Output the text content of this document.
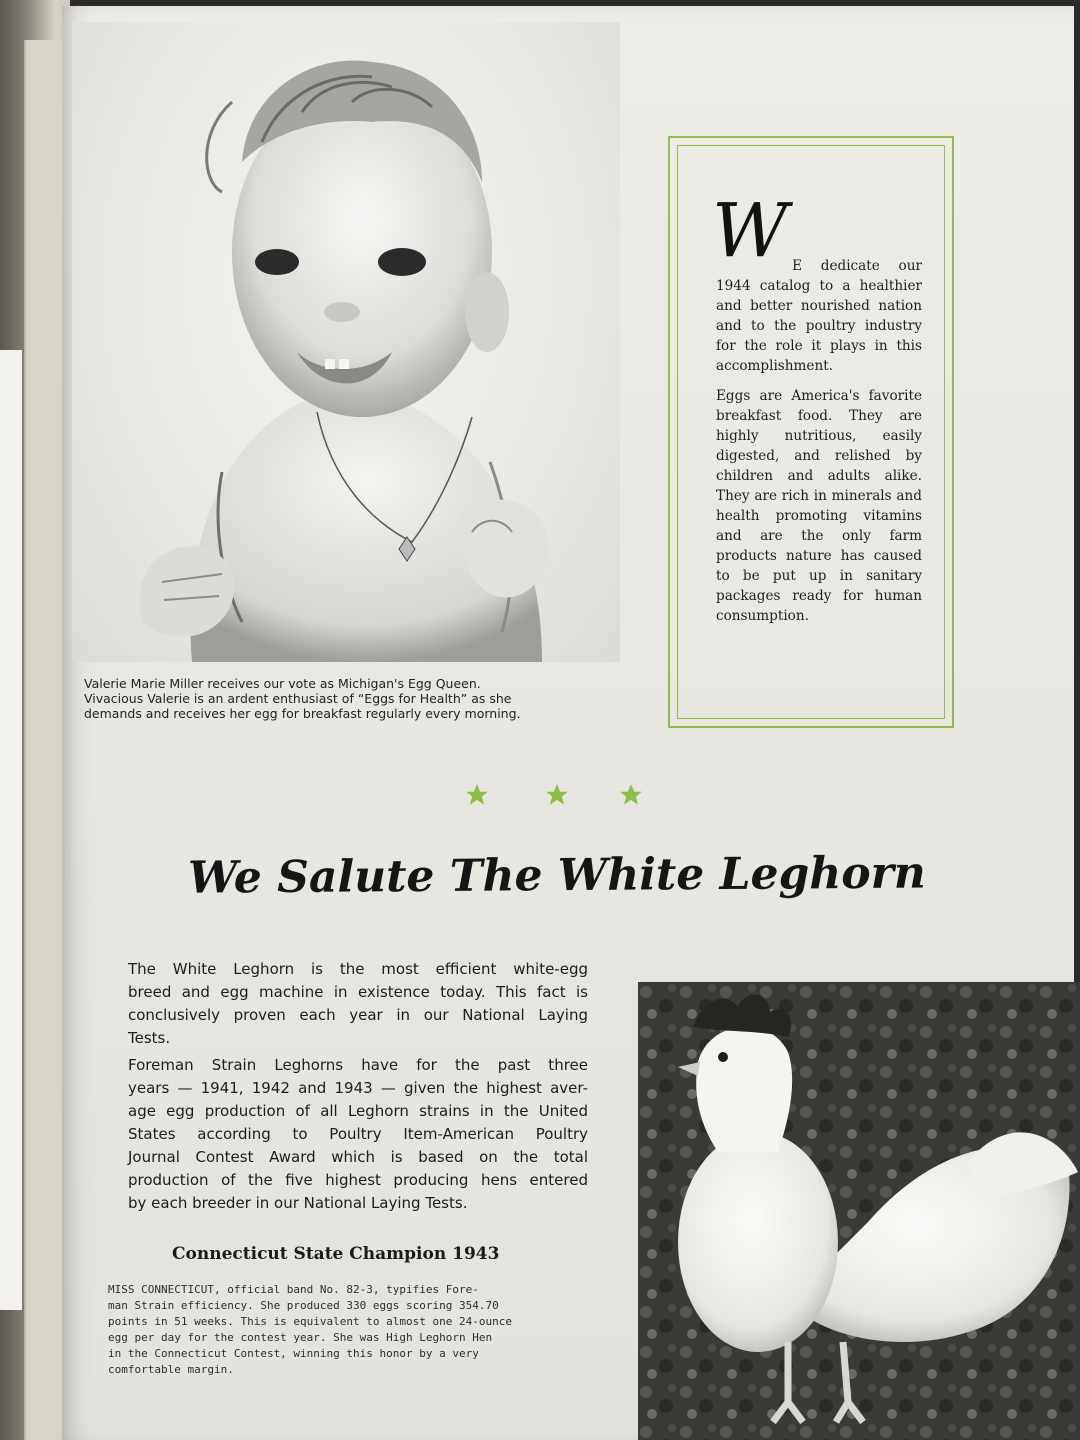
Valerie Marie Miller receives our vote as Michigan's Egg Queen.
Vivacious Valerie is an ardent enthusiast of “Eggs for Health” as she
demands and receives her egg for breakfast regularly every morning.
W E dedicate our 1944 catalog to a healthier and better nourished nation and to the poultry industry for the role it plays in this accomplishment.

Eggs are America's favorite breakfast food. They are highly nutritious, easily digested, and relished by children and adults alike. They are rich in minerals and health promoting vitamins and are the only farm products nature has caused to be put up in sanitary packages ready for human consumption.

We Salute The White Leghorn

The White Leghorn is the most efficient white-egg
breed and egg machine in existence today. This fact is
conclusively proven each year in our National Laying
Tests.

Foreman Strain Leghorns have for the past three
years — 1941, 1942 and 1943 — given the highest aver-
age egg production of all Leghorn strains in the United
States according to Poultry Item-American Poultry
Journal Contest Award which is based on the total
production of the five highest producing hens entered
by each breeder in our National Laying Tests.

Connecticut State Champion 1943
MISS CONNECTICUT, official band No. 82-3, typifies Fore-
man Strain efficiency. She produced 330 eggs scoring 354.70
points in 51 weeks. This is equivalent to almost one 24-ounce
egg per day for the contest year. She was High Leghorn Hen
in the Connecticut Contest, winning this honor by a very
comfortable margin.
